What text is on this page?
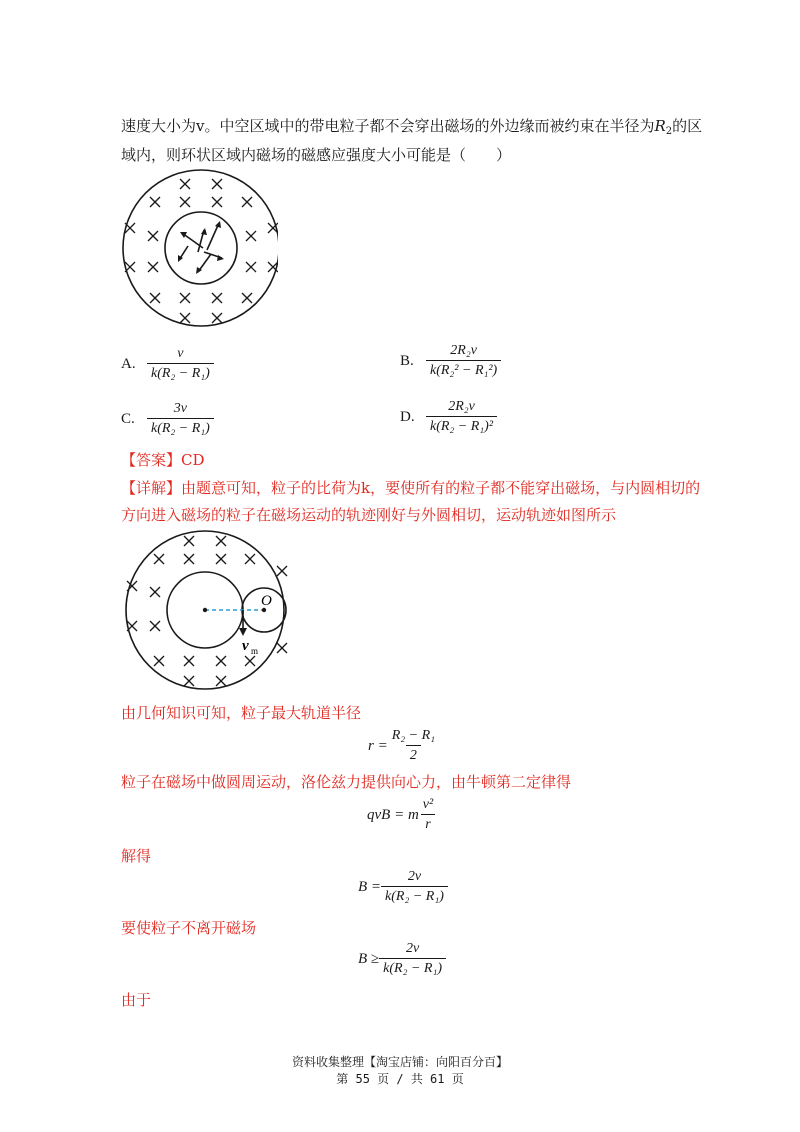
速度大小为v。中空区域中的带电粒子都不会穿出磁场的外边缘而被约束在半径为$R_2$的区
域内，则环状区域内磁场的磁感应强度大小可能是（　　）
A. $\frac{v}{\text{k(R₂ − R₁)}}$	B. $\frac{\text{2R₂v}}{\text{k(R₂² − R₁²)}}$
C. $\frac{3v}{\text{k(R₂ − R₁)}}$	D. $\frac{\text{2R₂v}}{\text{k(R₂ − R₁)²}}$
【答案】CD
【详解】由题意可知，粒子的比荷为k，要使所有的粒子都不能穿出磁场，与内圆相切的
方向进入磁场的粒子在磁场运动的轨迹刚好与外圆相切，运动轨迹如图所示
O
v m
由几何知识可知，粒子最大轨道半径
$r = \frac{\text{R₂ − R₁}}{2}$
粒子在磁场中做圆周运动，洛伦兹力提供向心力，由牛顿第二定律得
qvB = m $\frac{\text{v²}}{r}$
解得
$B = \frac{2v}{\text{k(R₂ − R₁)}}$
要使粒子不离开磁场
$B \ge \frac{2v}{\text{k(R₂ − R₁)}}$
由于
资料收集整理【淘宝店铺：向阳百分百】
第 55 页 / 共 61 页
